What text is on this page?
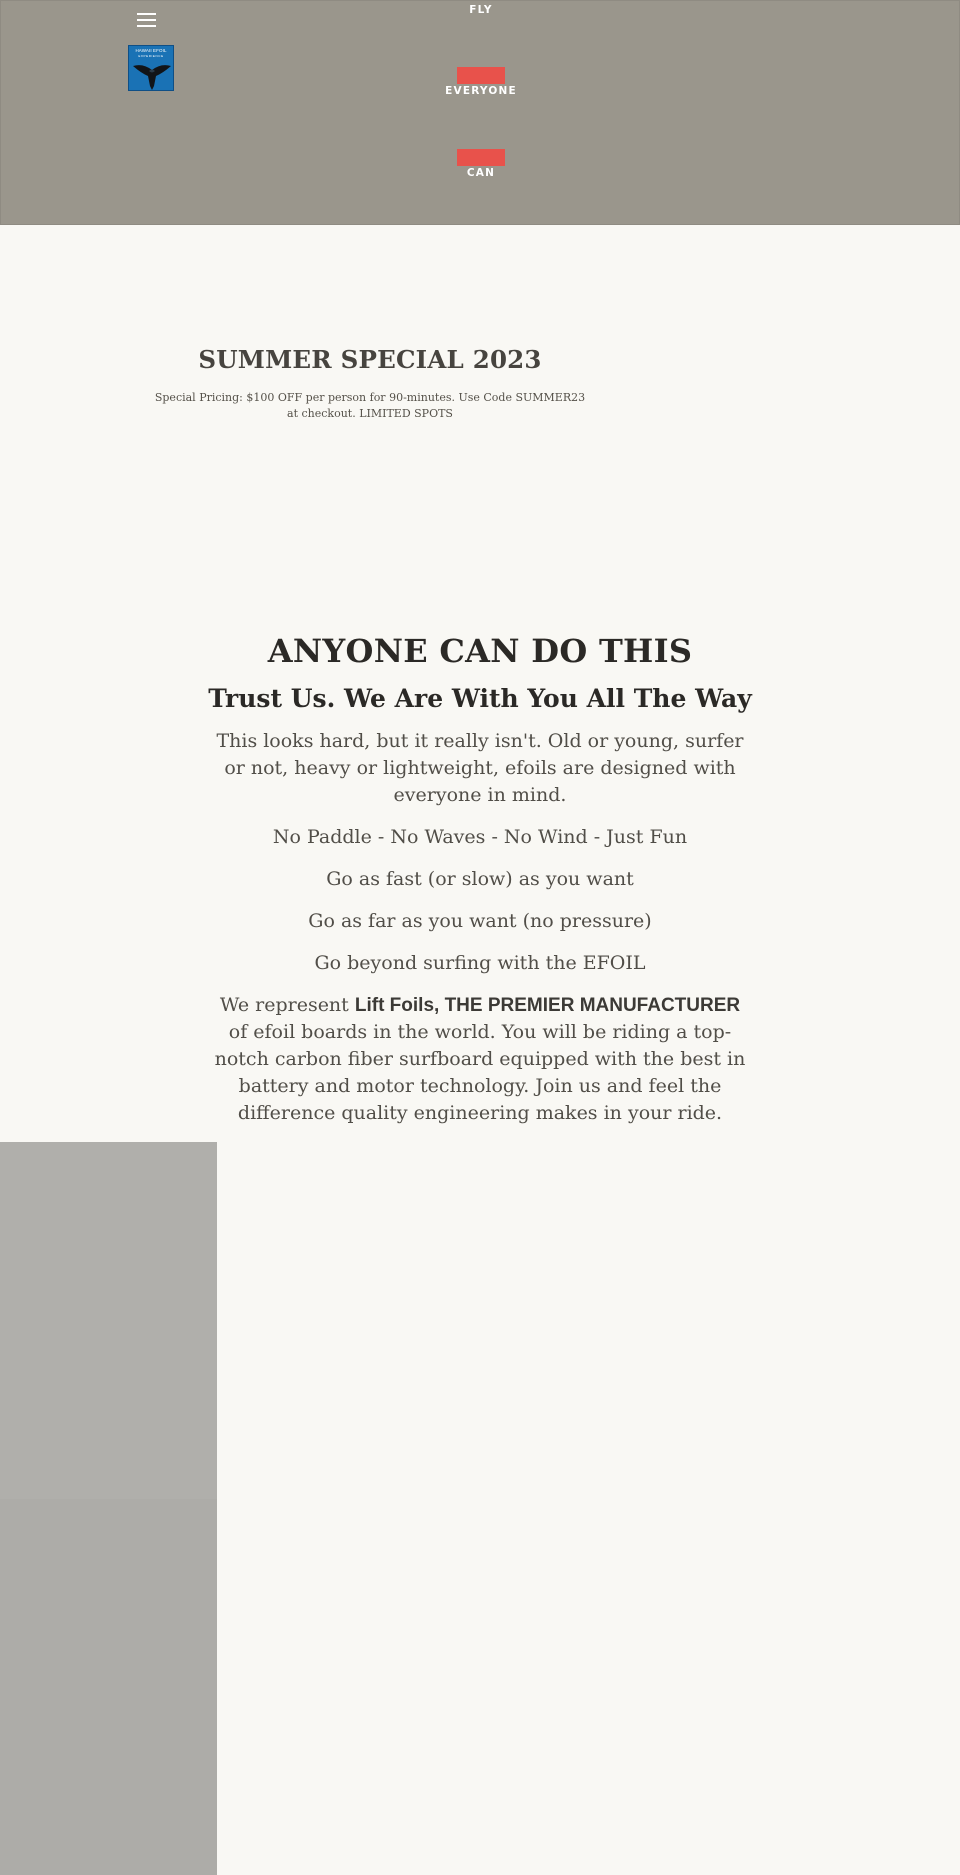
HAWAII EFOIL
EXPERIENCE
FLY
EVERYONE
CAN
SUMMER SPECIAL 2023

Special Pricing: $100 OFF per person for 90-minutes. Use Code SUMMER23 at checkout. LIMITED SPOTS

ANYONE CAN DO THIS
Trust Us. We Are With You All The Way

This looks hard, but it really isn't. Old or young, surfer or not, heavy or lightweight, efoils are designed with everyone in mind.

No Paddle - No Waves - No Wind - Just Fun

Go as fast (or slow) as you want

Go as far as you want (no pressure)

Go beyond surfing with the EFOIL

We represent Lift Foils, THE PREMIER MANUFACTURER of efoil boards in the world. You will be riding a top-notch carbon fiber surfboard equipped with the best in battery and motor technology. Join us and feel the difference quality engineering makes in your ride.
